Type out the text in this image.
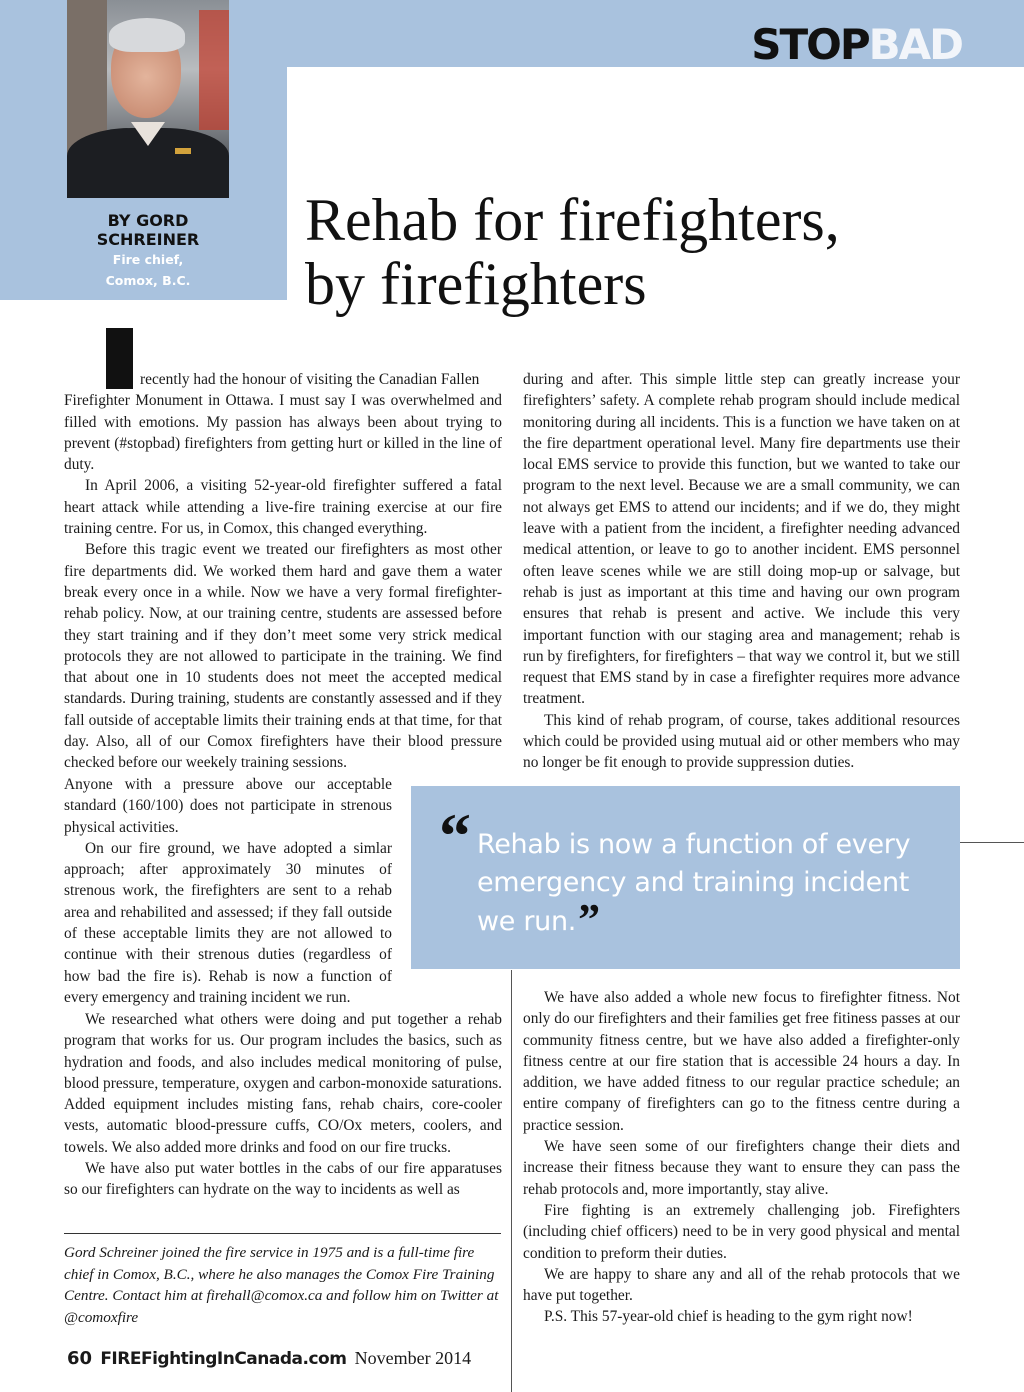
STOPBAD
BY GORD SCHREINER
Fire chief,
Comox, B.C.
Rehab for firefighters,
by firefighters

recently had the honour of visiting the Canadian Fallen
Firefighter Monument in Ottawa. I must say I was overwhelmed and filled with emotions. My passion has always been about trying to prevent (#stopbad) firefighters from getting hurt or killed in the line of duty.

In April 2006, a visiting 52-year-old firefighter suffered a fatal heart attack while attending a live-fire training exercise at our fire training centre. For us, in Comox, this changed everything.

Before this tragic event we treated our firefighters as most other fire departments did. We worked them hard and gave them a water break every once in a while. Now we have a very formal firefighter-rehab policy. Now, at our training centre, students are assessed before they start training and if they don’t meet some very strick medical protocols they are not allowed to participate in the training. We find that about one in 10 students does not meet the accepted medical standards. During training, students are constantly assessed and if they fall outside of acceptable limits their training ends at that time, for that day. Also, all of our Comox firefighters have their blood pressure checked before our weekely training sessions.

Anyone with a pressure above our acceptable standard (160/100) does not participate in strenous physical activities.

On our fire ground, we have adopted a simlar approach; after approximately 30 minutes of strenous work, the firefighters are sent to a rehab area and rehabilited and assessed; if they fall outside of these acceptable limits they are not allowed to continue with their strenous duties (regardless of how bad the fire is). Rehab is now a function of every emergency and training incident we run.

We researched what others were doing and put together a rehab program that works for us. Our program includes the basics, such as hydration and foods, and also includes medical monitoring of pulse, blood pressure, temperature, oxygen and carbon-monoxide saturations. Added equipment includes misting fans, rehab chairs, core-cooler vests, automatic blood-pressure cuffs, CO/Ox meters, coolers, and towels. We also added more drinks and food on our fire trucks.

We have also put water bottles in the cabs of our fire apparatuses so our firefighters can hydrate on the way to incidents as well as

during and after. This simple little step can greatly increase your firefighters’ safety. A complete rehab program should include medical monitoring during all incidents. This is a function we have taken on at the fire department operational level. Many fire departments use their local EMS service to provide this function, but we wanted to take our program to the next level. Because we are a small community, we can not always get EMS to attend our incidents; and if we do, they might leave with a patient from the incident, a firefighter needing advanced medical attention, or leave to go to another incident. EMS personnel often leave scenes while we are still doing mop-up or salvage, but rehab is just as important at this time and having our own program ensures that rehab is present and active. We include this very important function with our staging area and management; rehab is run by firefighters, for firefighters – that way we control it, but we still request that EMS stand by in case a firefighter requires more advance treatment.

This kind of rehab program, of course, takes additional resources which could be provided using mutual aid or other members who may no longer be fit enough to provide suppression duties.

“ Rehab is now a function of every emergency and training incident we run.”

We have also added a whole new focus to firefighter fitness. Not only do our firefighters and their families get free fitiness passes at our community fitness centre, but we have also added a firefighter-only fitness centre at our fire station that is accessible 24 hours a day. In addition, we have added fitness to our regular practice schedule; an entire company of firefighters can go to the fitness centre during a practice session.

We have seen some of our firefighters change their diets and increase their fitness because they want to ensure they can pass the rehab protocols and, more importantly, stay alive.

Fire fighting is an extremely challenging job. Firefighters (including chief officers) need to be in very good physical and mental condition to preform their duties.

We are happy to share any and all of the rehab protocols that we have put together.

P.S. This 57-year-old chief is heading to the gym right now!

Gord Schreiner joined the fire service in 1975 and is a full-time fire chief in Comox, B.C., where he also manages the Comox Fire Training Centre. Contact him at firehall@comox.ca and follow him on Twitter at @comoxfire
60 FIREFightingInCanada.com November 2014
